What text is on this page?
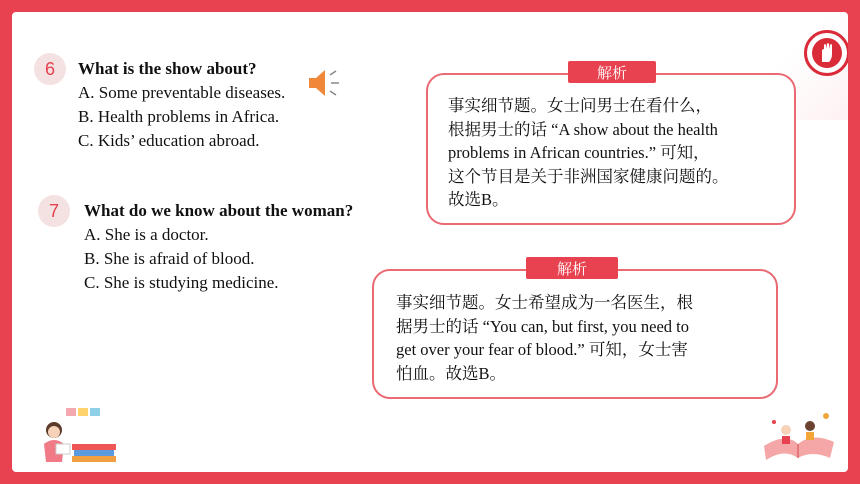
6	What is the show about?
A. Some preventable diseases.
B. Health problems in Africa.
C. Kids’ education abroad.
解析
事实细节题。女士问男士在看什么，
根据男士的话 “A show about the health
problems in African countries.” 可知，
这个节目是关于非洲国家健康问题的。
故选B。
7	What do we know about the woman?
A. She is a doctor.
B. She is afraid of blood.
C. She is studying medicine.
解析
事实细节题。女士希望成为一名医生，根
据男士的话 “You can, but first, you need to
get over your fear of blood.” 可知，女士害
怕血。故选B。
